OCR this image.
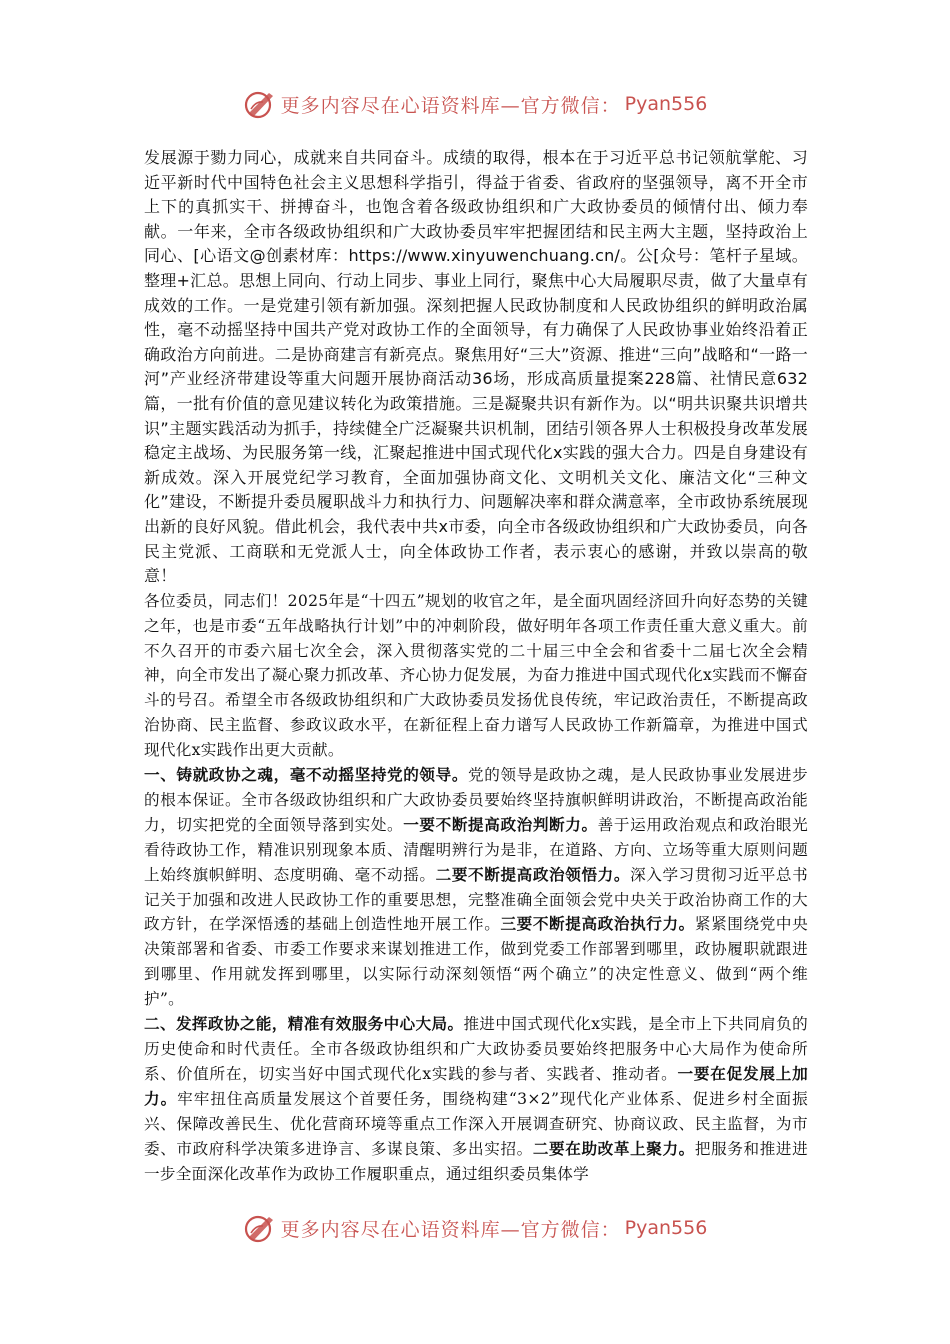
更多内容尽在心语资料库—官方微信： Pyan556

发展源于勠力同心，成就来自共同奋斗。成绩的取得，根本在于习近平总书记领航掌舵、习近平新时代中国特色社会主义思想科学指引，得益于省委、省政府的坚强领导，离不开全市上下的真抓实干、拼搏奋斗，也饱含着各级政协组织和广大政协委员的倾情付出、倾力奉献。一年来，全市各级政协组织和广大政协委员牢牢把握团结和民主两大主题，坚持政治上同心、[心语文@创素材库：https://www.xinyuwenchuang.cn/。公[众号：笔杆子星域。整理+汇总。思想上同向、行动上同步、事业上同行，聚焦中心大局履职尽责，做了大量卓有成效的工作。一是党建引领有新加强。深刻把握人民政协制度和人民政协组织的鲜明政治属性，毫不动摇坚持中国共产党对政协工作的全面领导，有力确保了人民政协事业始终沿着正确政治方向前进。二是协商建言有新亮点。聚焦用好“三大”资源、推进“三向”战略和“一路一河”产业经济带建设等重大问题开展协商活动36场，形成高质量提案228篇、社情民意632篇，一批有价值的意见建议转化为政策措施。三是凝聚共识有新作为。以“明共识聚共识增共识”主题实践活动为抓手，持续健全广泛凝聚共识机制，团结引领各界人士积极投身改革发展稳定主战场、为民服务第一线，汇聚起推进中国式现代化x实践的强大合力。四是自身建设有新成效。深入开展党纪学习教育，全面加强协商文化、文明机关文化、廉洁文化“三种文化”建设，不断提升委员履职战斗力和执行力、问题解决率和群众满意率，全市政协系统展现出新的良好风貌。借此机会，我代表中共x市委，向全市各级政协组织和广大政协委员，向各民主党派、工商联和无党派人士，向全体政协工作者，表示衷心的感谢，并致以崇高的敬意！

各位委员，同志们！2025年是“十四五”规划的收官之年，是全面巩固经济回升向好态势的关键之年，也是市委“五年战略执行计划”中的冲刺阶段，做好明年各项工作责任重大意义重大。前不久召开的市委六届七次全会，深入贯彻落实党的二十届三中全会和省委十二届七次全会精神，向全市发出了凝心聚力抓改革、齐心协力促发展，为奋力推进中国式现代化x实践而不懈奋斗的号召。希望全市各级政协组织和广大政协委员发扬优良传统，牢记政治责任，不断提高政治协商、民主监督、参政议政水平，在新征程上奋力谱写人民政协工作新篇章，为推进中国式现代化x实践作出更大贡献。

一、铸就政协之魂，毫不动摇坚持党的领导。党的领导是政协之魂，是人民政协事业发展进步的根本保证。全市各级政协组织和广大政协委员要始终坚持旗帜鲜明讲政治，不断提高政治能力，切实把党的全面领导落到实处。一要不断提高政治判断力。善于运用政治观点和政治眼光看待政协工作，精准识别现象本质、清醒明辨行为是非，在道路、方向、立场等重大原则问题上始终旗帜鲜明、态度明确、毫不动摇。二要不断提高政治领悟力。深入学习贯彻习近平总书记关于加强和改进人民政协工作的重要思想，完整准确全面领会党中央关于政治协商工作的大政方针，在学深悟透的基础上创造性地开展工作。三要不断提高政治执行力。紧紧围绕党中央决策部署和省委、市委工作要求来谋划推进工作，做到党委工作部署到哪里，政协履职就跟进到哪里、作用就发挥到哪里，以实际行动深刻领悟“两个确立”的决定性意义、做到“两个维护”。

二、发挥政协之能，精准有效服务中心大局。推进中国式现代化x实践，是全市上下共同肩负的历史使命和时代责任。全市各级政协组织和广大政协委员要始终把服务中心大局作为使命所系、价值所在，切实当好中国式现代化x实践的参与者、实践者、推动者。一要在促发展上加力。牢牢扭住高质量发展这个首要任务，围绕构建“3×2”现代化产业体系、促进乡村全面振兴、保障改善民生、优化营商环境等重点工作深入开展调查研究、协商议政、民主监督，为市委、市政府科学决策多进诤言、多谋良策、多出实招。二要在助改革上聚力。把服务和推进进一步全面深化改革作为政协工作履职重点，通过组织委员集体学

更多内容尽在心语资料库—官方微信： Pyan556
